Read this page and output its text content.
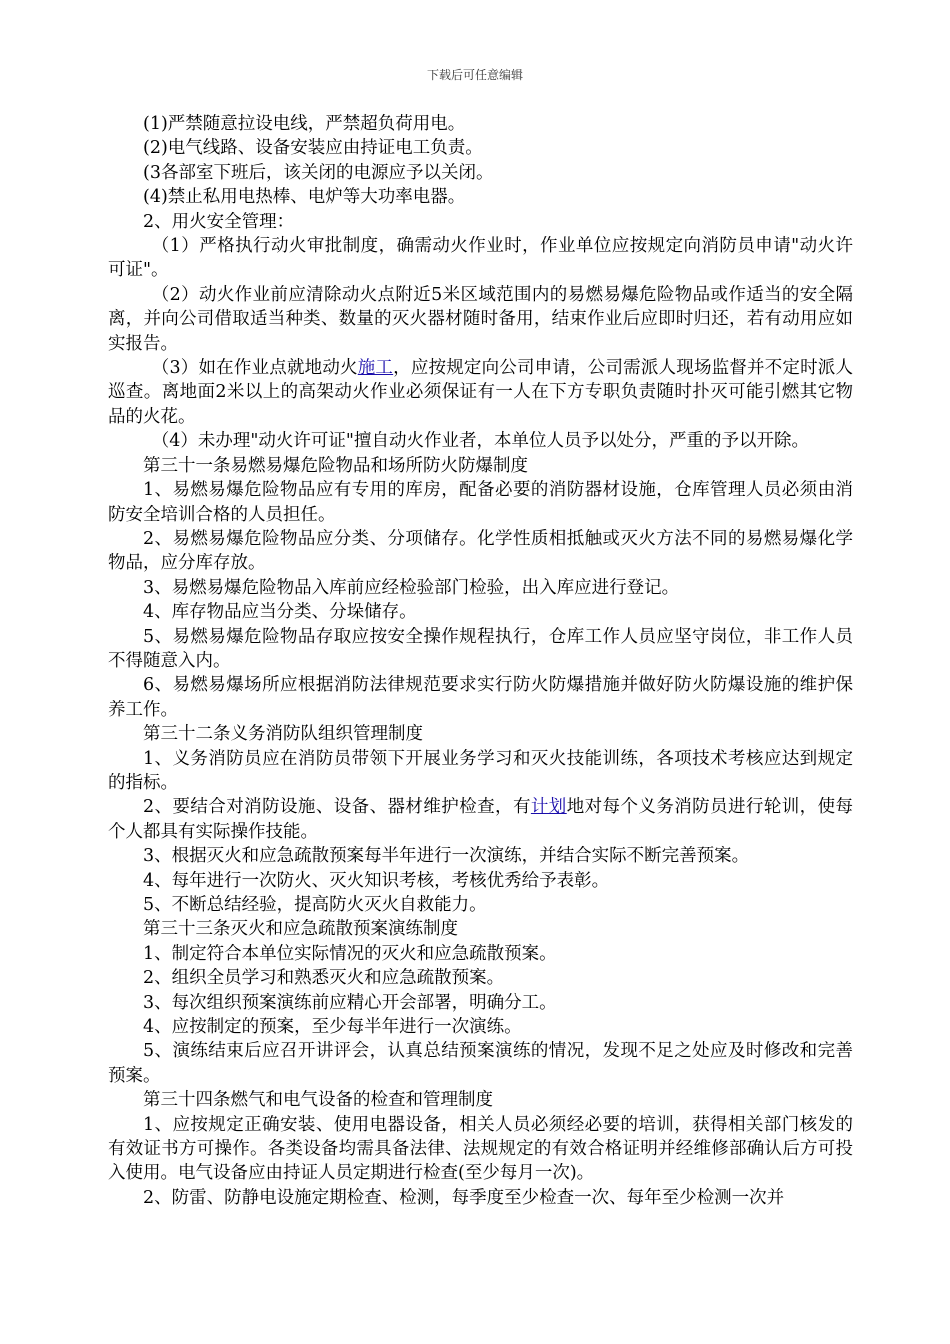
下载后可任意编辑

(1)严禁随意拉设电线，严禁超负荷用电。

(2)电气线路、设备安装应由持证电工负责。

(3各部室下班后，该关闭的电源应予以关闭。

(4)禁止私用电热棒、电炉等大功率电器。

2、用火安全管理：

（1）严格执行动火审批制度，确需动火作业时，作业单位应按规定向消防员申请"动火许可证"。

（2）动火作业前应清除动火点附近5米区域范围内的易燃易爆危险物品或作适当的安全隔离，并向公司借取适当种类、数量的灭火器材随时备用，结束作业后应即时归还，若有动用应如实报告。

（3）如在作业点就地动火施工，应按规定向公司申请，公司需派人现场监督并不定时派人巡查。离地面2米以上的高架动火作业必须保证有一人在下方专职负责随时扑灭可能引燃其它物品的火花。

（4）未办理"动火许可证"擅自动火作业者，本单位人员予以处分，严重的予以开除。

第三十一条易燃易爆危险物品和场所防火防爆制度

1、易燃易爆危险物品应有专用的库房，配备必要的消防器材设施，仓库管理人员必须由消防安全培训合格的人员担任。

2、易燃易爆危险物品应分类、分项储存。化学性质相抵触或灭火方法不同的易燃易爆化学物品，应分库存放。

3、易燃易爆危险物品入库前应经检验部门检验，出入库应进行登记。

4、库存物品应当分类、分垛储存。

5、易燃易爆危险物品存取应按安全操作规程执行，仓库工作人员应坚守岗位，非工作人员不得随意入内。

6、易燃易爆场所应根据消防法律规范要求实行防火防爆措施并做好防火防爆设施的维护保养工作。

第三十二条义务消防队组织管理制度

1、义务消防员应在消防员带领下开展业务学习和灭火技能训练，各项技术考核应达到规定的指标。

2、要结合对消防设施、设备、器材维护检查，有计划地对每个义务消防员进行轮训，使每个人都具有实际操作技能。

3、根据灭火和应急疏散预案每半年进行一次演练，并结合实际不断完善预案。

4、每年进行一次防火、灭火知识考核，考核优秀给予表彰。

5、不断总结经验，提高防火灭火自救能力。

第三十三条灭火和应急疏散预案演练制度

1、制定符合本单位实际情况的灭火和应急疏散预案。

2、组织全员学习和熟悉灭火和应急疏散预案。

3、每次组织预案演练前应精心开会部署，明确分工。

4、应按制定的预案，至少每半年进行一次演练。

5、演练结束后应召开讲评会，认真总结预案演练的情况，发现不足之处应及时修改和完善预案。

第三十四条燃气和电气设备的检查和管理制度

1、应按规定正确安装、使用电器设备，相关人员必须经必要的培训，获得相关部门核发的有效证书方可操作。各类设备均需具备法律、法规规定的有效合格证明并经维修部确认后方可投入使用。电气设备应由持证人员定期进行检查(至少每月一次)。

2、防雷、防静电设施定期检查、检测，每季度至少检查一次、每年至少检测一次并
